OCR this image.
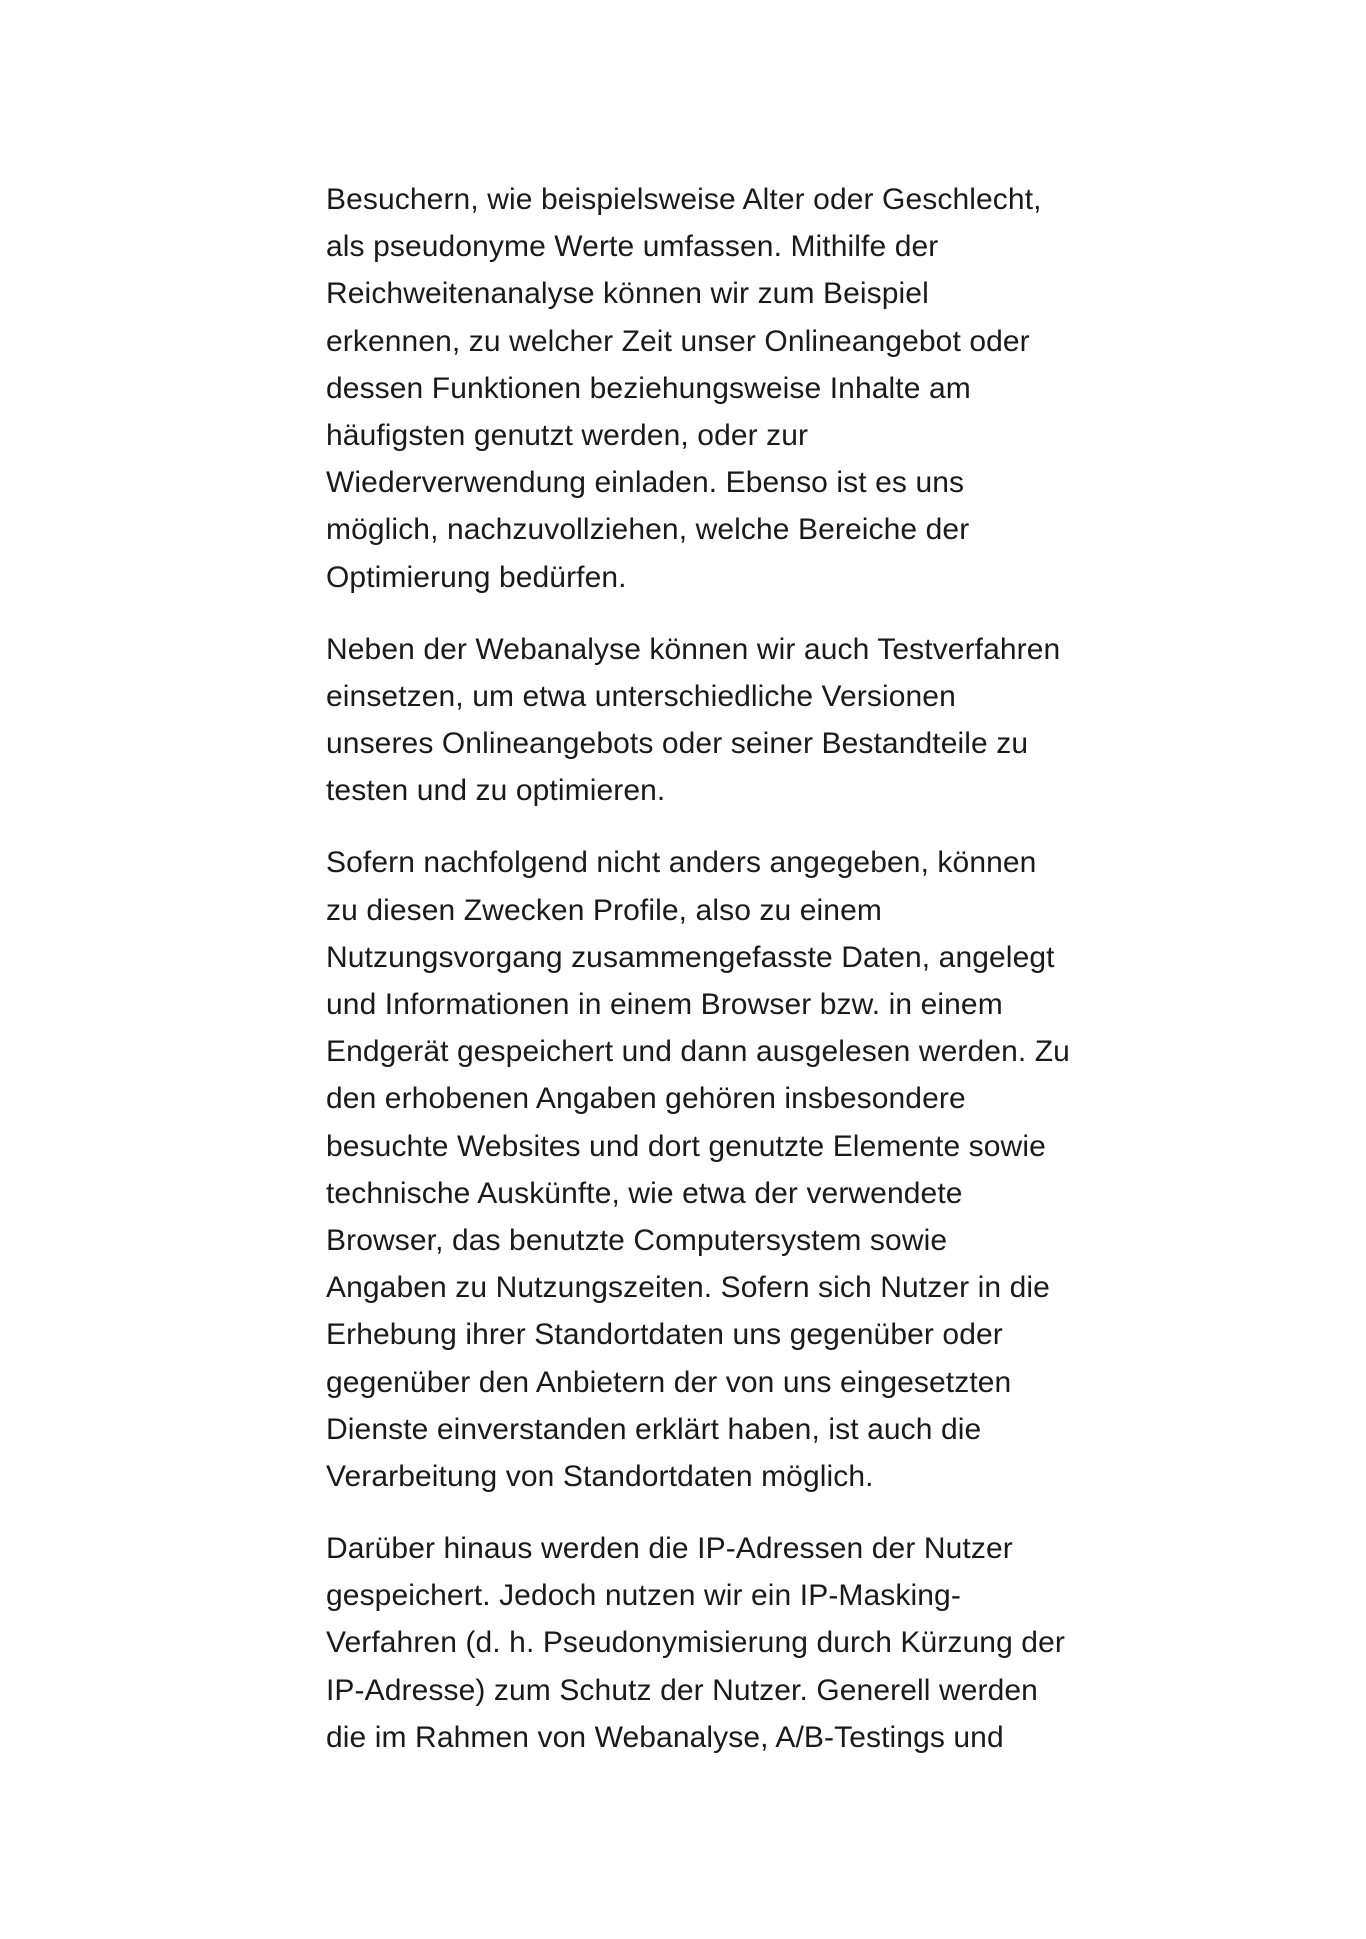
Besuchern, wie beispielsweise Alter oder Geschlecht,
als pseudonyme Werte umfassen. Mithilfe der
Reichweitenanalyse können wir zum Beispiel
erkennen, zu welcher Zeit unser Onlineangebot oder
dessen Funktionen beziehungsweise Inhalte am
häufigsten genutzt werden, oder zur
Wiederverwendung einladen. Ebenso ist es uns
möglich, nachzuvollziehen, welche Bereiche der
Optimierung bedürfen.

Neben der Webanalyse können wir auch Testverfahren
einsetzen, um etwa unterschiedliche Versionen
unseres Onlineangebots oder seiner Bestandteile zu
testen und zu optimieren.

Sofern nachfolgend nicht anders angegeben, können
zu diesen Zwecken Profile, also zu einem
Nutzungsvorgang zusammengefasste Daten, angelegt
und Informationen in einem Browser bzw. in einem
Endgerät gespeichert und dann ausgelesen werden. Zu
den erhobenen Angaben gehören insbesondere
besuchte Websites und dort genutzte Elemente sowie
technische Auskünfte, wie etwa der verwendete
Browser, das benutzte Computersystem sowie
Angaben zu Nutzungszeiten. Sofern sich Nutzer in die
Erhebung ihrer Standortdaten uns gegenüber oder
gegenüber den Anbietern der von uns eingesetzten
Dienste einverstanden erklärt haben, ist auch die
Verarbeitung von Standortdaten möglich.

Darüber hinaus werden die IP-Adressen der Nutzer
gespeichert. Jedoch nutzen wir ein IP-Masking-
Verfahren (d. h. Pseudonymisierung durch Kürzung der
IP-Adresse) zum Schutz der Nutzer. Generell werden
die im Rahmen von Webanalyse, A/B-Testings und
